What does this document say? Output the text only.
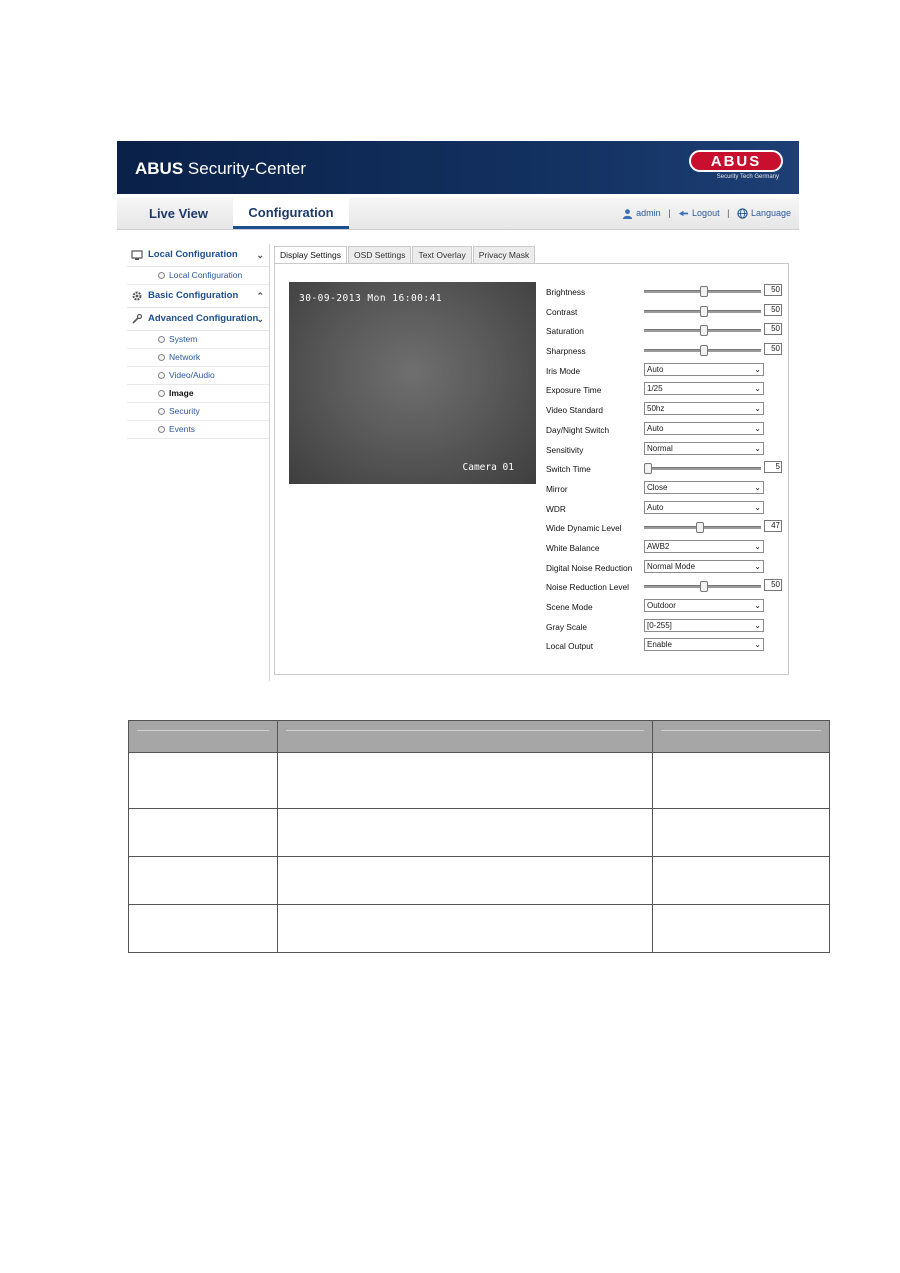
ABUS Security-Center	ABUS
Security Tech Germany
Live View	Configuration	admin | Logout | Language
Local Configuration ⌄
Local Configuration
Basic Configuration ⌃
Advanced Configuration
⌄
System
Network
Video/Audio
Image
Security
Events
Display Settings	OSD Settings	Text Overlay	Privacy Mask
30-09-2013 Mon 16:00:41
Camera 01
Brightness	50
Contrast	50
Saturation	50
Sharpness	50
Iris Mode	Auto	⌄
Exposure Time	1/25	⌄
Video Standard	50hz	⌄
Day/Night Switch	Auto	⌄
Sensitivity	Normal	⌄
Switch Time	5
Mirror	Close	⌄
WDR	Auto	⌄
Wide Dynamic Level	47
White Balance	AWB2	⌄
Digital Noise Reduction	Normal Mode	⌄
Noise Reduction Level	50
Scene Mode	Outdoor	⌄
Gray Scale	[0-255]	⌄
Local Output	Enable	⌄
